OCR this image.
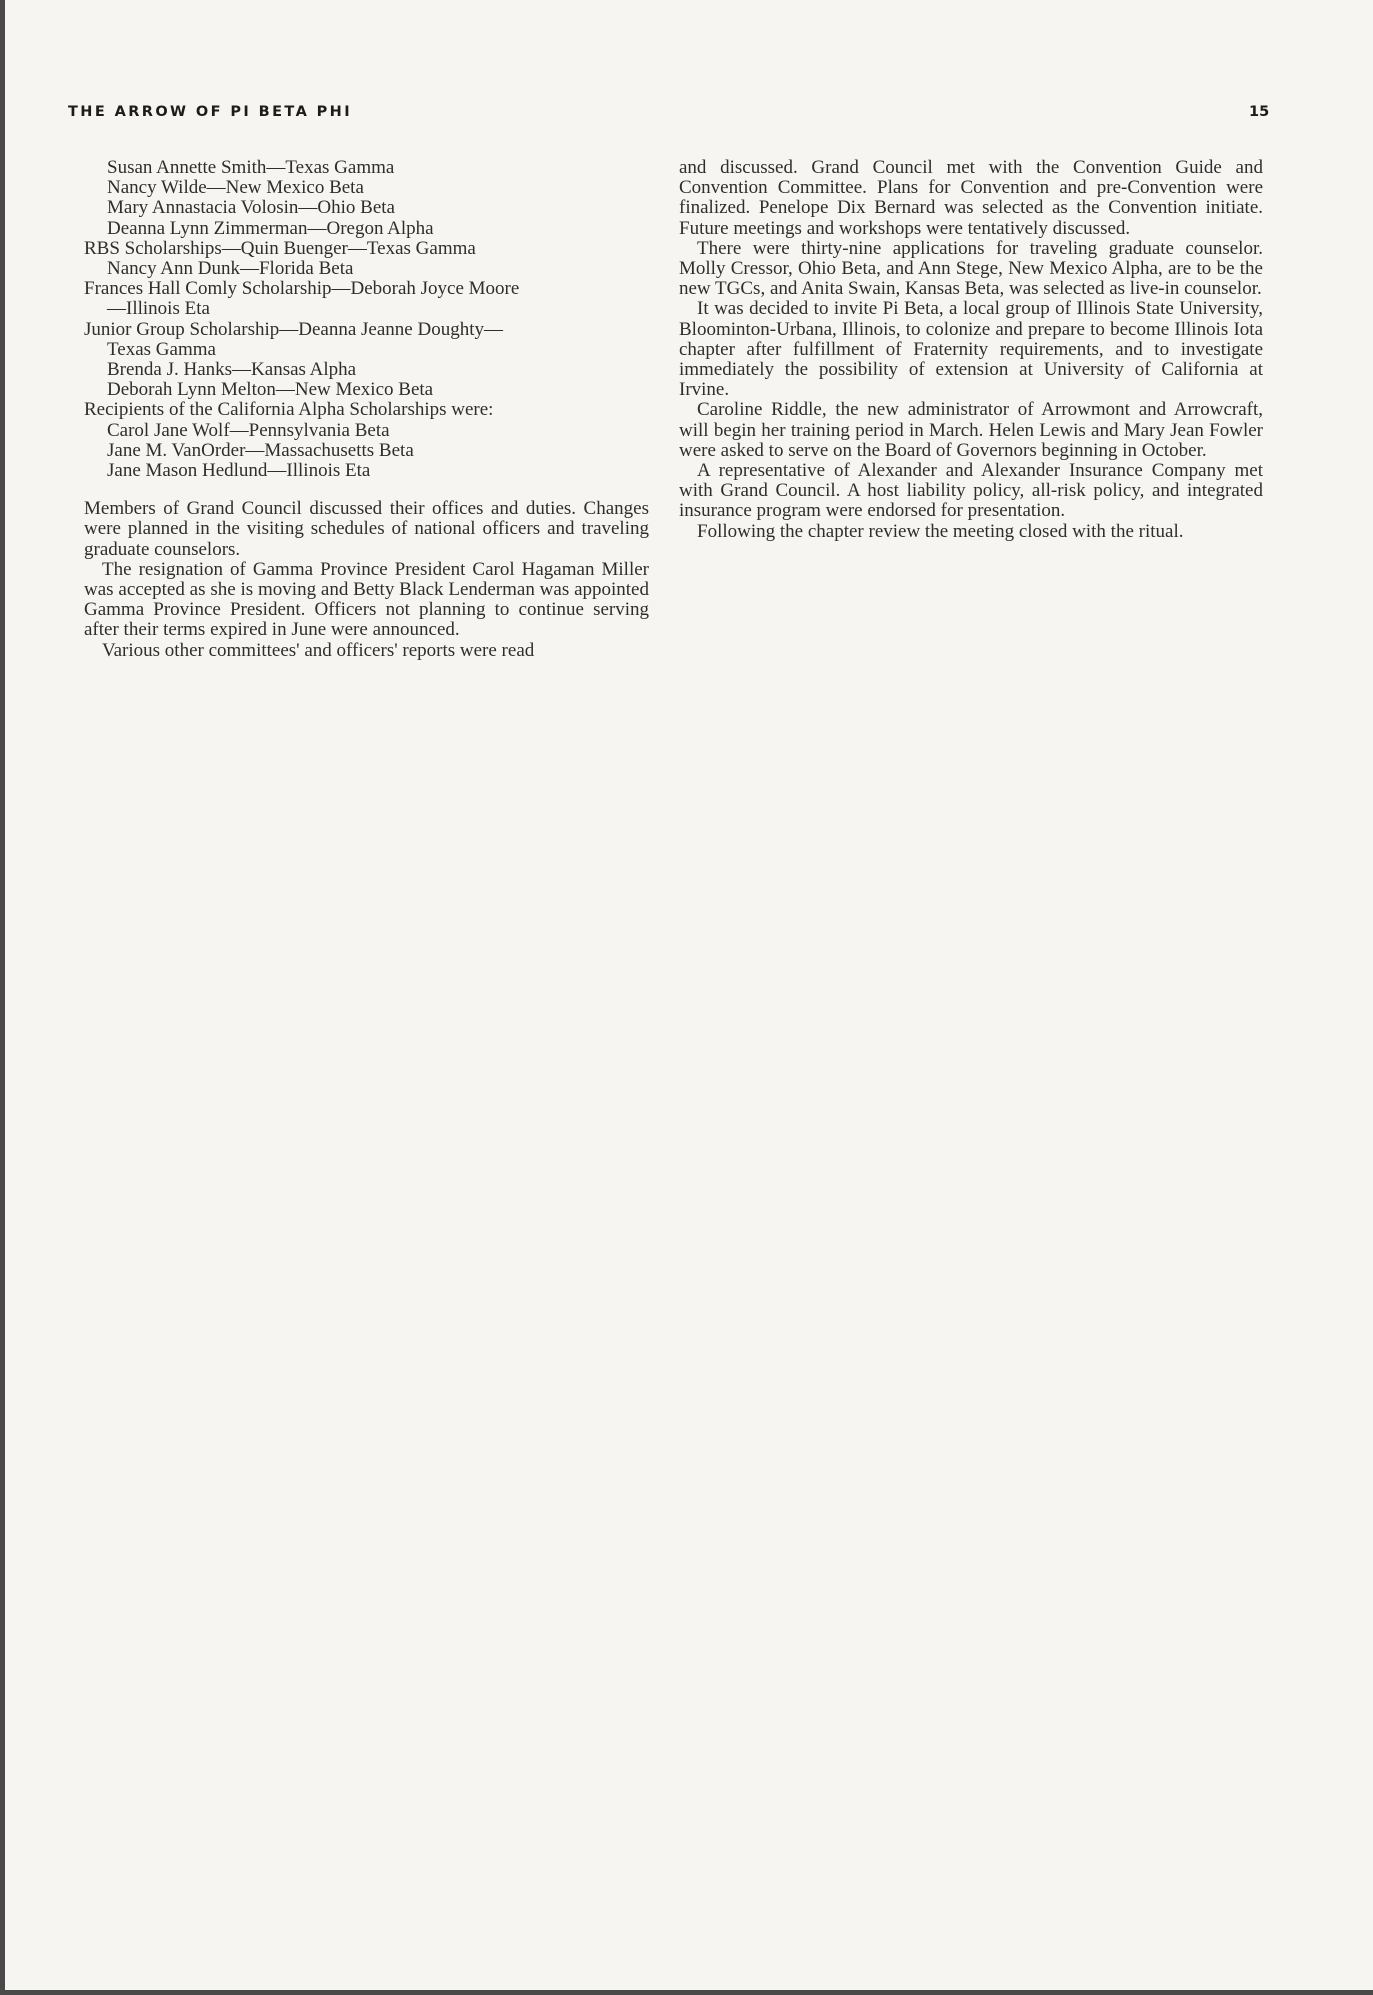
THE ARROW OF PI BETA PHI	15
Susan Annette Smith—Texas Gamma
Nancy Wilde—New Mexico Beta
Mary Annastacia Volosin—Ohio Beta
Deanna Lynn Zimmerman—Oregon Alpha
RBS Scholarships—Quin Buenger—Texas Gamma
Nancy Ann Dunk—Florida Beta
Frances Hall Comly Scholarship—Deborah Joyce Moore
—Illinois Eta
Junior Group Scholarship—Deanna Jeanne Doughty—
Texas Gamma
Brenda J. Hanks—Kansas Alpha
Deborah Lynn Melton—New Mexico Beta
Recipients of the California Alpha Scholarships were:
Carol Jane Wolf—Pennsylvania Beta
Jane M. VanOrder—Massachusetts Beta
Jane Mason Hedlund—Illinois Eta

Members of Grand Council discussed their offices and duties. Changes were planned in the visiting schedules of national officers and traveling graduate counselors.

The resignation of Gamma Province President Carol Hagaman Miller was accepted as she is moving and Betty Black Lenderman was appointed Gamma Province President. Officers not planning to continue serving after their terms expired in June were announced.

Various other committees' and officers' reports were read

and discussed. Grand Council met with the Convention Guide and Convention Committee. Plans for Convention and pre-Convention were finalized. Penelope Dix Bernard was selected as the Convention initiate. Future meetings and workshops were tentatively discussed.

There were thirty-nine applications for traveling graduate counselor. Molly Cressor, Ohio Beta, and Ann Stege, New Mexico Alpha, are to be the new TGCs, and Anita Swain, Kansas Beta, was selected as live-in counselor.

It was decided to invite Pi Beta, a local group of Illinois State University, Bloominton-Urbana, Illinois, to colonize and prepare to become Illinois Iota chapter after fulfillment of Fraternity requirements, and to investigate immediately the possibility of extension at University of California at Irvine.

Caroline Riddle, the new administrator of Arrowmont and Arrowcraft, will begin her training period in March. Helen Lewis and Mary Jean Fowler were asked to serve on the Board of Governors beginning in October.

A representative of Alexander and Alexander Insurance Company met with Grand Council. A host liability policy, all-risk policy, and integrated insurance program were endorsed for presentation.

Following the chapter review the meeting closed with the ritual.
